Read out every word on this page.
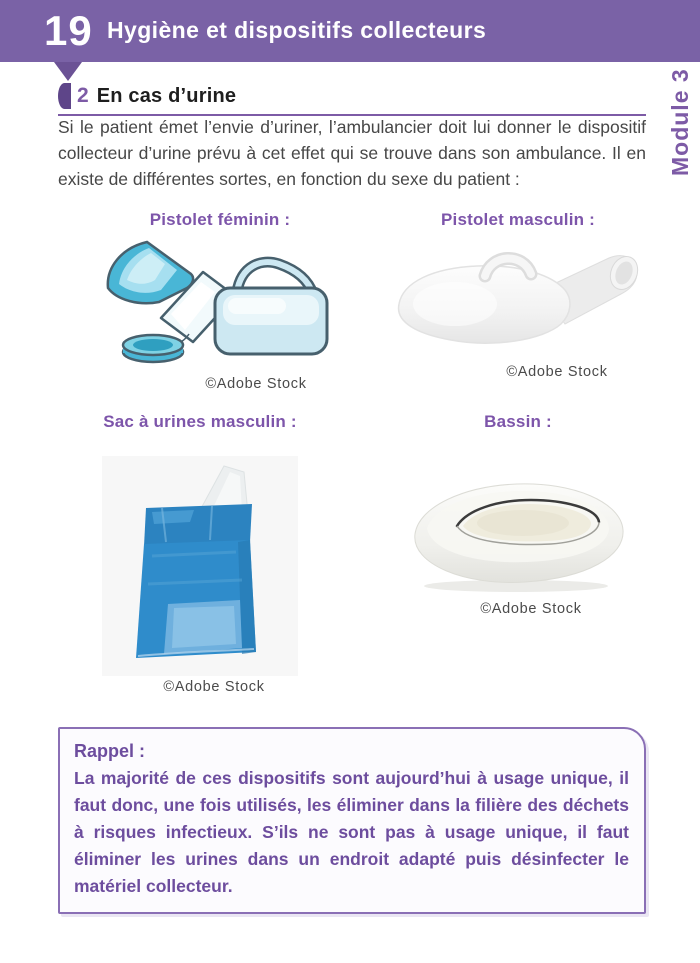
19 Hygiène et dispositifs collecteurs
Module 3
2 En cas d’urine

Si le patient émet l’envie d’uriner, l’ambulancier doit lui donner le dispositif collecteur d’urine prévu à cet effet qui se trouve dans son ambulance. Il en existe de différentes sortes, en fonction du sexe du patient :

Pistolet féminin :
©Adobe Stock
Pistolet masculin :
©Adobe Stock
Sac à urines masculin :
©Adobe Stock
Bassin :
©Adobe Stock
Rappel :
La majorité de ces dispositifs sont aujourd’hui à usage unique, il faut donc, une fois utilisés, les éliminer dans la filière des déchets à risques infectieux. S’ils ne sont pas à usage unique, il faut éliminer les urines dans un endroit adapté puis désinfecter le matériel collecteur.
